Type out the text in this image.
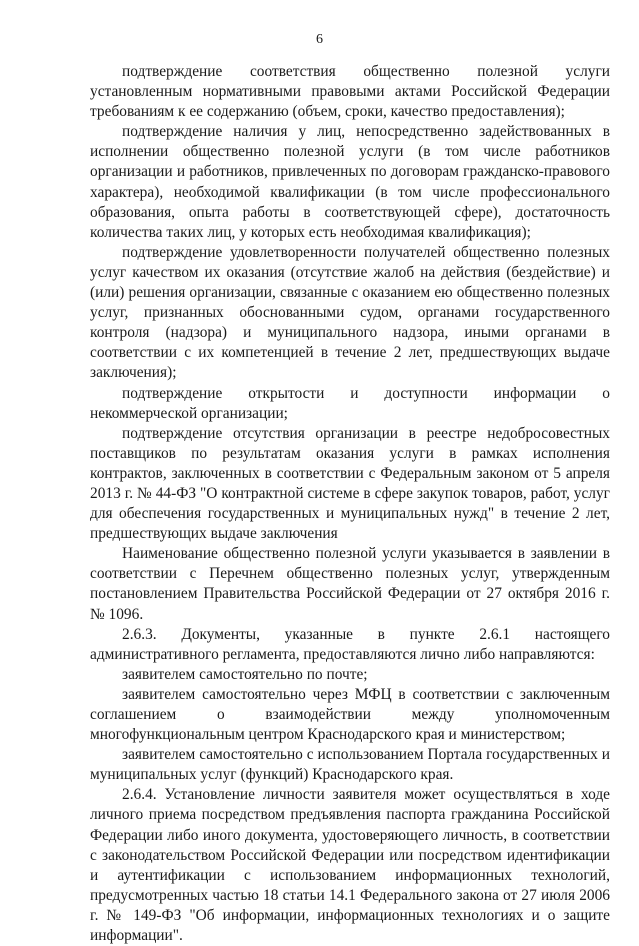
6

подтверждение соответствия общественно полезной услуги установленным нормативными правовыми актами Российской Федерации требованиям к ее содержанию (объем, сроки, качество предоставления);

подтверждение наличия у лиц, непосредственно задействованных в исполнении общественно полезной услуги (в том числе работников организации и работников, привлеченных по договорам гражданско-правового характера), необходимой квалификации (в том числе профессионального образования, опыта работы в соответствующей сфере), достаточность количества таких лиц, у которых есть необходимая квалификация);

подтверждение удовлетворенности получателей общественно полезных услуг качеством их оказания (отсутствие жалоб на действия (бездействие) и (или) решения организации, связанные с оказанием ею общественно полезных услуг, признанных обоснованными судом, органами государственного контроля (надзора) и муниципального надзора, иными органами в соответствии с их компетенцией в течение 2 лет, предшествующих выдаче заключения);

подтверждение открытости и доступности информации о некоммерческой организации;

подтверждение отсутствия организации в реестре недобросовестных поставщиков по результатам оказания услуги в рамках исполнения контрактов, заключенных в соответствии с Федеральным законом от 5 апреля 2013 г. № 44-ФЗ "О контрактной системе в сфере закупок товаров, работ, услуг для обеспечения государственных и муниципальных нужд" в течение 2 лет, предшествующих выдаче заключения

Наименование общественно полезной услуги указывается в заявлении в соответствии с Перечнем общественно полезных услуг, утвержденным постановлением Правительства Российской Федерации от 27 октября 2016 г. № 1096.

2.6.3. Документы, указанные в пункте 2.6.1 настоящего административного регламента, предоставляются лично либо направляются:

заявителем самостоятельно по почте;

заявителем самостоятельно через МФЦ в соответствии с заключенным соглашением о взаимодействии между уполномоченным многофункциональным центром Краснодарского края и министерством;

заявителем самостоятельно с использованием Портала государственных и муниципальных услуг (функций) Краснодарского края.

2.6.4. Установление личности заявителя может осуществляться в ходе личного приема посредством предъявления паспорта гражданина Российской Федерации либо иного документа, удостоверяющего личность, в соответствии с законодательством Российской Федерации или посредством идентификации и аутентификации с использованием информационных технологий, предусмотренных частью 18 статьи 14.1 Федерального закона от 27 июля 2006 г. № 149-ФЗ "Об информации, информационных технологиях и о защите информации".
